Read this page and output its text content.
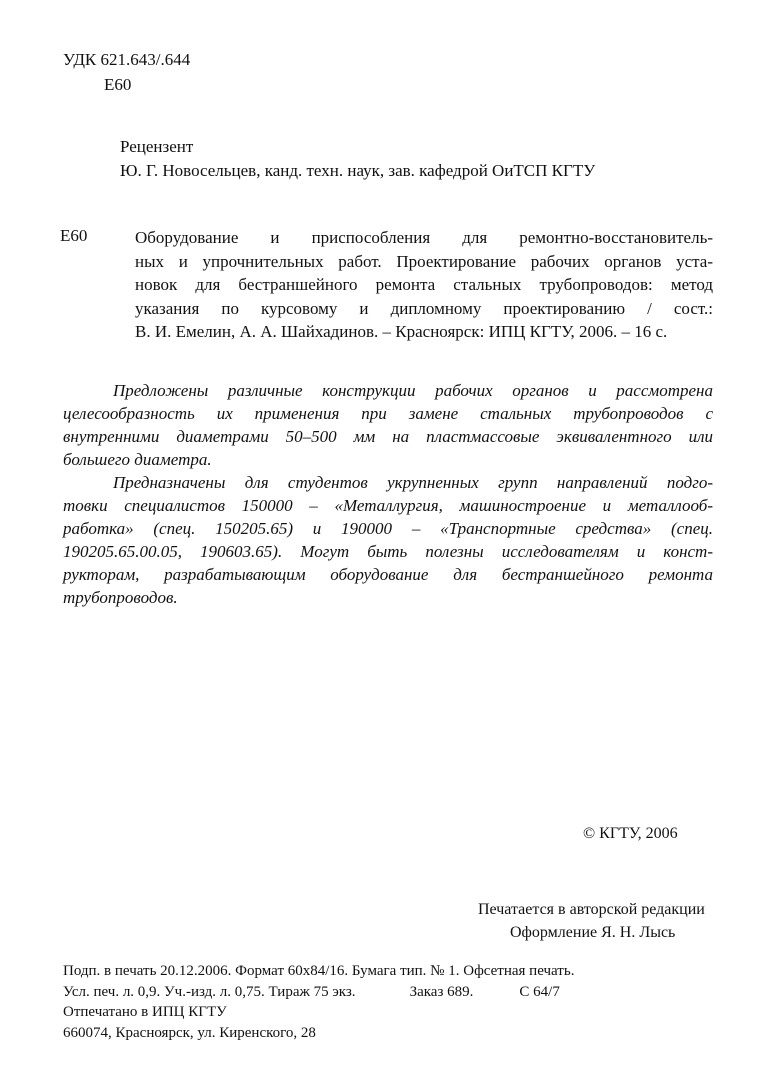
УДК 621.643/.644

Е60

Рецензент

Ю. Г. Новосельцев, канд. техн. наук, зав. кафедрой ОиТСП КГТУ

Е60	Оборудование и приспособления для ремонтно-восстановитель-
ных и упрочнительных работ. Проектирование рабочих органов уста-
новок для бестраншейного ремонта стальных трубопроводов: метод
указания по курсовому и дипломному проектированию / сост.:
В. И. Емелин, А. А. Шайхадинов. – Красноярск: ИПЦ КГТУ, 2006. – 16 с.
Предложены различные конструкции рабочих органов и рассмотрена
целесообразность их применения при замене стальных трубопроводов с
внутренними диаметрами 50–500 мм на пластмассовые эквивалентного или
большего диаметра.
Предназначены для студентов укрупненных групп направлений подго-
товки специалистов 150000 – «Металлургия, машиностроение и металлооб-
работка» (спец. 150205.65) и 190000 – «Транспортные средства» (спец.
190205.65.00.05, 190603.65). Могут быть полезны исследователям и конст-
рукторам, разрабатывающим оборудование для бестраншейного ремонта
трубопроводов.

© КГТУ, 2006

Печатается в авторской редакции

Оформление Я. Н. Лысь

Подп. в печать 20.12.2006. Формат 60х84/16. Бумага тип. № 1. Офсетная печать.
Усл. печ. л. 0,9. Уч.-изд. л. 0,75. Тираж 75 экз.	Заказ 689.	С 64/7
Отпечатано в ИПЦ КГТУ
660074, Красноярск, ул. Киренского, 28
